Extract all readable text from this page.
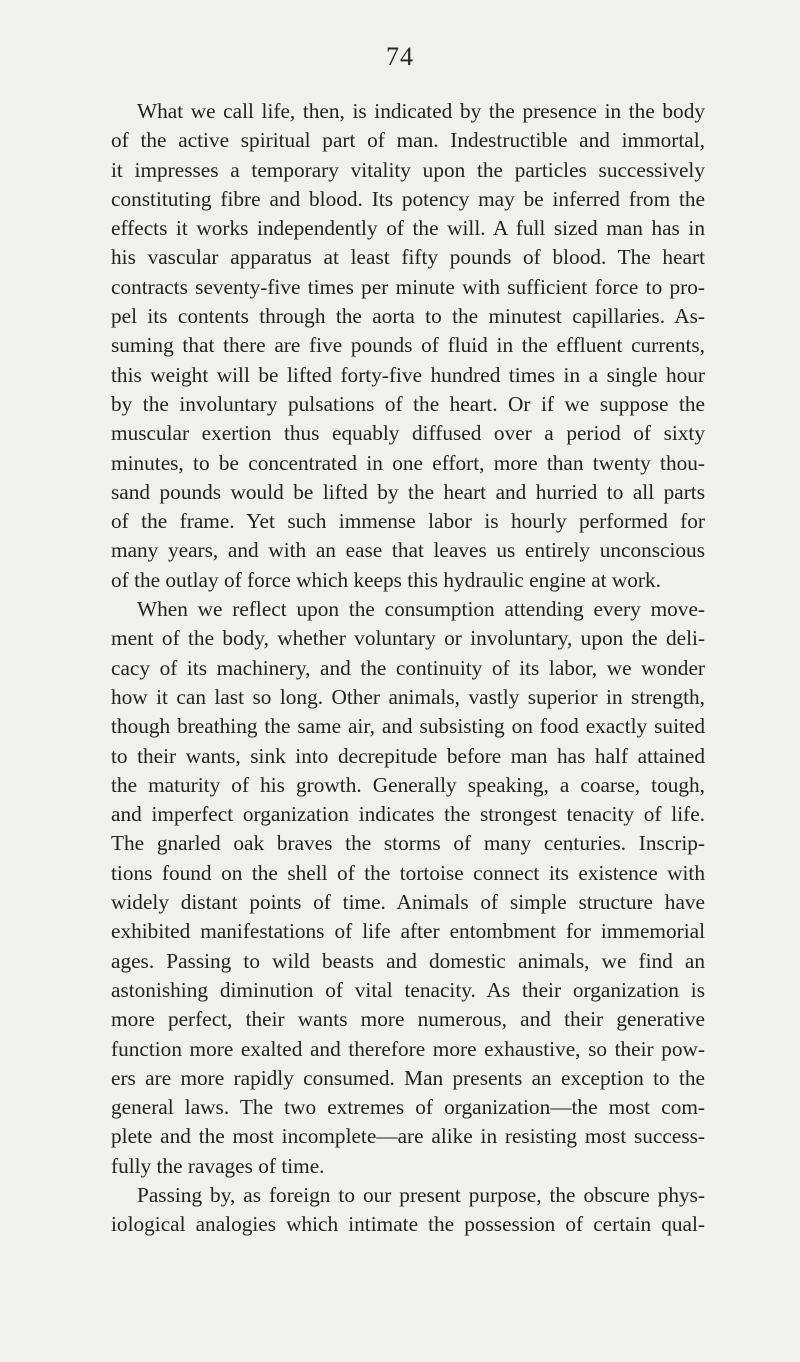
74
What we call life, then, is indicated by the presence in the body
of the active spiritual part of man. Indestructible and immortal,
it impresses a temporary vitality upon the particles successively
constituting fibre and blood. Its potency may be inferred from the
effects it works independently of the will. A full sized man has in
his vascular apparatus at least fifty pounds of blood. The heart
contracts seventy-five times per minute with sufficient force to pro-
pel its contents through the aorta to the minutest capillaries. As-
suming that there are five pounds of fluid in the effluent currents,
this weight will be lifted forty-five hundred times in a single hour
by the involuntary pulsations of the heart. Or if we suppose the
muscular exertion thus equably diffused over a period of sixty
minutes, to be concentrated in one effort, more than twenty thou-
sand pounds would be lifted by the heart and hurried to all parts
of the frame. Yet such immense labor is hourly performed for
many years, and with an ease that leaves us entirely unconscious
of the outlay of force which keeps this hydraulic engine at work.
When we reflect upon the consumption attending every move-
ment of the body, whether voluntary or involuntary, upon the deli-
cacy of its machinery, and the continuity of its labor, we wonder
how it can last so long. Other animals, vastly superior in strength,
though breathing the same air, and subsisting on food exactly suited
to their wants, sink into decrepitude before man has half attained
the maturity of his growth. Generally speaking, a coarse, tough,
and imperfect organization indicates the strongest tenacity of life.
The gnarled oak braves the storms of many centuries. Inscrip-
tions found on the shell of the tortoise connect its existence with
widely distant points of time. Animals of simple structure have
exhibited manifestations of life after entombment for immemorial
ages. Passing to wild beasts and domestic animals, we find an
astonishing diminution of vital tenacity. As their organization is
more perfect, their wants more numerous, and their generative
function more exalted and therefore more exhaustive, so their pow-
ers are more rapidly consumed. Man presents an exception to the
general laws. The two extremes of organization—the most com-
plete and the most incomplete—are alike in resisting most success-
fully the ravages of time.
Passing by, as foreign to our present purpose, the obscure phys-
iological analogies which intimate the possession of certain qual-
